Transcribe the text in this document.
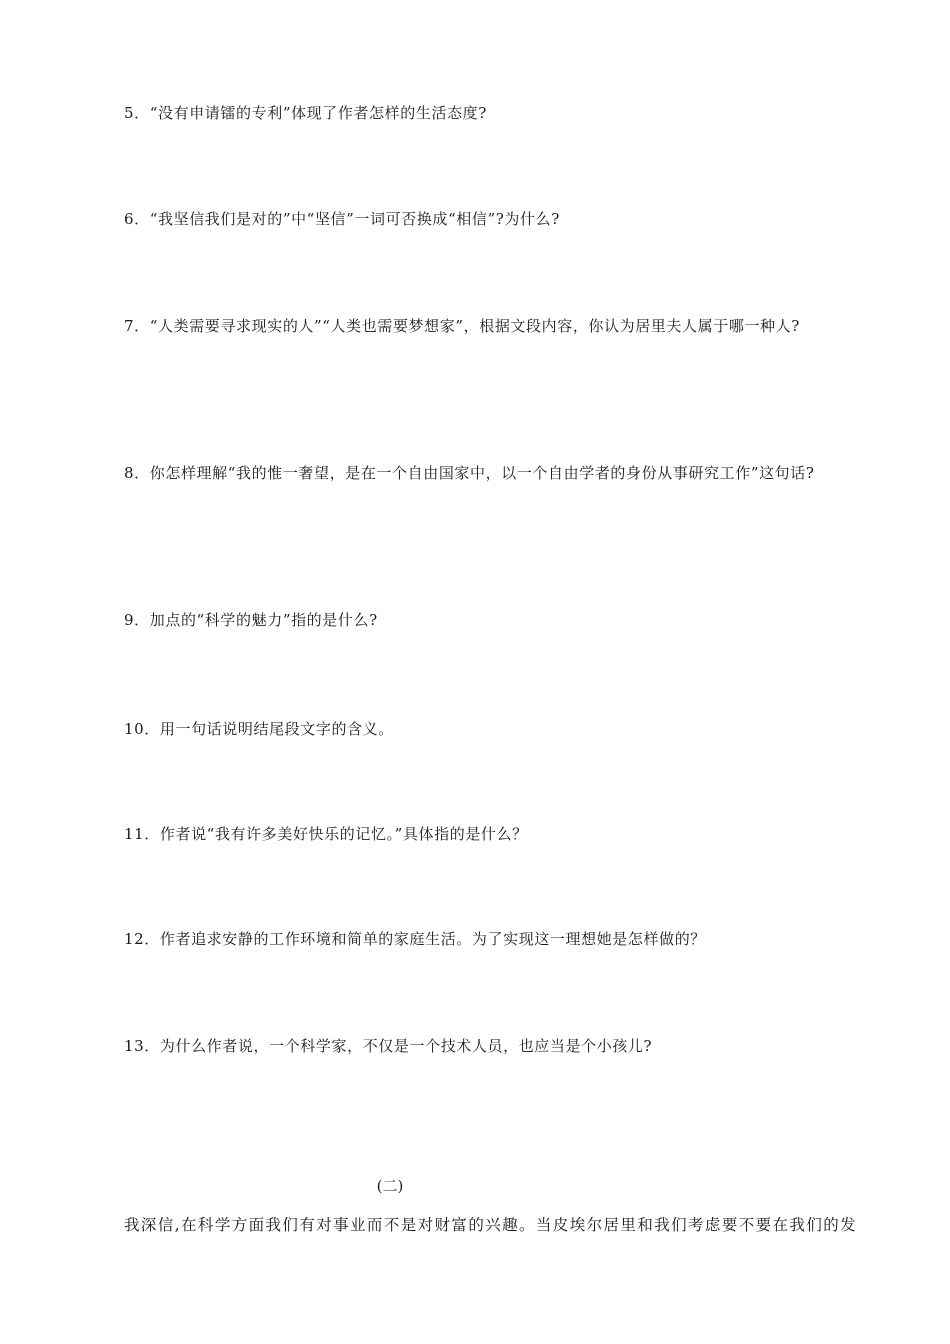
5．“没有申请镭的专利”体现了作者怎样的生活态度?
6．“我坚信我们是对的”中“坚信”一词可否换成“相信”?为什么?
7．“人类需要寻求现实的人”“人类也需要梦想家”，根据文段内容，你认为居里夫人属于哪一种人?
8．你怎样理解“我的惟一奢望，是在一个自由国家中，以一个自由学者的身份从事研究工作”这句话?
9．加点的“科学的魅力”指的是什么?
10．用一句话说明结尾段文字的含义。
11．作者说“我有许多美好快乐的记忆。”具体指的是什么？
12．作者追求安静的工作环境和简单的家庭生活。为了实现这一理想她是怎样做的？
13．为什么作者说，一个科学家，不仅是一个技术人员，也应当是个小孩儿?
(二)
我深信,在科学方面我们有对事业而不是对财富的兴趣。当皮埃尔居里和我们考虑要不要在我们的发
